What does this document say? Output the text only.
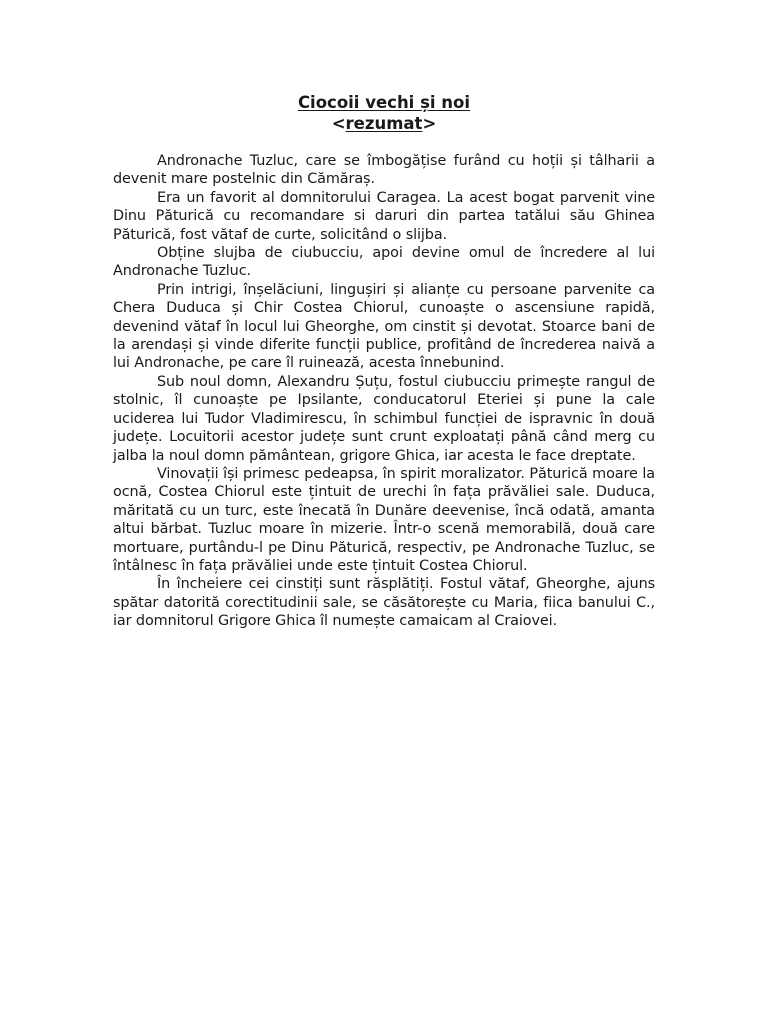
Ciocoii vechi și noi
<rezumat>

Andronache Tuzluc, care se îmbogățise furând cu hoții și tâlharii a devenit mare postelnic din Cămăraș.

Era un favorit al domnitorului Caragea. La acest bogat parvenit vine Dinu Păturică cu recomandare si daruri din partea tatălui său Ghinea Păturică, fost vătaf de curte, solicitând o slijba.

Obține slujba de ciubucciu, apoi devine omul de încredere al lui Andronache Tuzluc.

Prin intrigi, înșelăciuni, lingușiri și alianțe cu persoane parvenite ca Chera Duduca și Chir Costea Chiorul, cunoaște o ascensiune rapidă, devenind vătaf în locul lui Gheorghe, om cinstit și devotat. Stoarce bani de la arendași și vinde diferite funcții publice, profitând de încrederea naivă a lui Andronache, pe care îl ruinează, acesta înnebunind.

Sub noul domn, Alexandru Șuțu, fostul ciubucciu primește rangul de stolnic, îl cunoaște pe Ipsilante, conducatorul Eteriei și pune la cale uciderea lui Tudor Vladimirescu, în schimbul funcției de ispravnic în două județe. Locuitorii acestor județe sunt crunt exploatați până când merg cu jalba la noul domn pământean, grigore Ghica, iar acesta le face dreptate.

Vinovații își primesc pedeapsa, în spirit moralizator. Păturică moare la ocnă, Costea Chiorul este țintuit de urechi în fața prăvăliei sale. Duduca, măritată cu un turc, este înecată în Dunăre deevenise, încă odată, amanta altui bărbat. Tuzluc moare în mizerie. Într-o scenă memorabilă, două care mortuare, purtându-l pe Dinu Păturică, respectiv, pe Andronache Tuzluc, se întâlnesc în fața prăvăliei unde este țintuit Costea Chiorul.

În încheiere cei cinstiți sunt răsplătiți. Fostul vătaf, Gheorghe, ajuns spătar datorită corectitudinii sale, se căsătorește cu Maria, fiica banului C., iar domnitorul Grigore Ghica îl numește camaicam al Craiovei.
